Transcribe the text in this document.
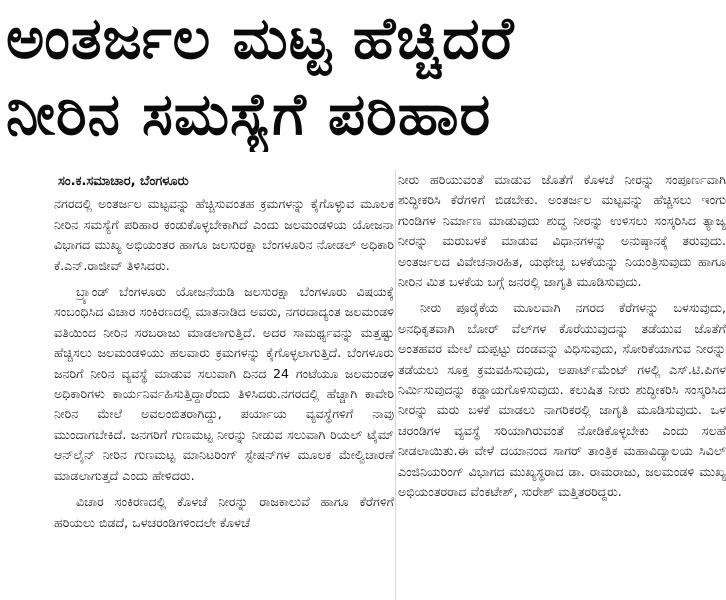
ಅಂತರ್ಜಲ ಮಟ್ಟ ಹೆಚ್ಚಿದರೆ
ನೀರಿನ ಸಮಸ್ಯೆಗೆ ಪರಿಹಾರ
ಸಂ.ಕ.ಸಮಾಚಾರ, ಬೆಂಗಳೂರು

ನಗರದಲ್ಲಿ ಅಂತರ್ಜಲ ಮಟ್ಟವನ್ನು ಹೆಚ್ಚಿಸುವಂತಹ ಕ್ರಮಗಳನ್ನು ಕೈಗೊಳ್ಳುವ ಮೂಲಕ ನೀರಿನ ಸಮಸ್ಯೆಗೆ ಪರಿಹಾರ ಕಂಡುಕೊಳ್ಳಬೇಕಾಗಿದೆ ಎಂದು ಜಲಮಂಡಳಿಯ ಯೋಜನಾ ವಿಭಾಗದ ಮುಖ್ಯ ಅಭಿಯಂತರ ಹಾಗೂ ಜಲಸುರಕ್ಷಾ ಬೆಂಗಳೂರಿನ ನೋಡಲ್ ಅಧಿಕಾರಿ ಕೆ.ಎನ್.ರಾಜೀವ್ ತಿಳಿಸಿದರು.

ಬ್ರ್ಯಾಂಡ್ ಬೆಂಗಳೂರು ಯೋಜನೆಯಡಿ ಜಲಸುರಕ್ಷಾ ಬೆಂಗಳೂರು ವಿಷಯಕ್ಕೆ ಸಂಬಂಧಿಸಿದ ವಿಚಾರ ಸಂಕಿರಣದಲ್ಲಿ ಮಾತನಾಡಿದ ಅವರು, ನಗರದಾದ್ಯಂತ ಜಲಮಂಡಳಿ ವತಿಯಿಂದ ನೀರಿನ ಸರಬರಾಜು ಮಾಡಲಾಗುತ್ತಿದೆ. ಅದರ ಸಾಮರ್ಥ್ಯವನ್ನು ಮತ್ತಷ್ಟು ಹೆಚ್ಚಿಸಲು ಜಲಮಂಡಳಿಯು ಹಲವಾರು ಕ್ರಮಗಳನ್ನು ಕೈಗೊಳ್ಳಲಾಗುತ್ತಿದೆ. ಬೆಂಗಳೂರು ಜನರಿಗೆ ನೀರಿನ ವ್ಯವಸ್ಥೆ ಮಾಡುವ ಸಲುವಾಗಿ ದಿನದ 24 ಗಂಟೆಯೂ ಜಲಮಂಡಳಿ ಅಧಿಕಾರಿಗಳು ಕಾರ್ಯನಿರ್ವಹಿಸುತ್ತಿದ್ದಾರೆಂದು ತಿಳಿಸಿದರು.ನಗರದಲ್ಲಿ ಹೆಚ್ಚಾಗಿ ಕಾವೇರಿ ನೀರಿನ ಮೇಲೆ ಅವಲಂಬಿತರಾಗಿದ್ದು, ಪರ್ಯಾಯ ವ್ಯವಸ್ಥೆಗಳಿಗೆ ನಾವು ಮುಂದಾಗಬೇಕಿದೆ. ಜನಗರಿಗೆ ಗುಣಮಟ್ಟ ನೀರನ್ನು ನೀಡುವ ಸಲುವಾಗಿ ರಿಯಲ್ ಟೈಮ್ ಆನ್‌ಲೈನ್ ನೀರಿನ ಗುಣಮಟ್ಟ ಮಾನಿಟರಿಂಗ್ ಸ್ಟೇಷನ್‌ಗಳ ಮೂಲಕ ಮೇಲ್ವಿಚಾರಣೆ ಮಾಡಲಾಗುತ್ತದೆ ಎಂದು ಹೇಳಿದರು.

ವಿಚಾರ ಸಂಕಿರಣದಲ್ಲಿ ಕೊಳಚೆ ನೀರನ್ನು ರಾಜಕಾಲುವೆ ಹಾಗೂ ಕೆರೆಗಳಿಗೆ ಹರಿಯಲು ಬಿಡದೆ, ಒಳಚರಂಡಿಗಳಿಂದಲೇ ಕೊಳಚೆ

ನೀರು ಹರಿಯುವಂತೆ ಮಾಡುವ ಜೊತೆಗೆ ಕೊಳಚೆ ನೀರನ್ನು ಸಂಪೂರ್ಣವಾಗಿ ಶುದ್ಧೀಕರಿಸಿ ಕೆರೆಗಳಿಗೆ ಬಿಡಬೇಕು. ಅಂತರ್ಜಲ ಮಟ್ಟವನ್ನು ಹೆಚ್ಚಿಸಲು ಇಂಗು ಗುಂಡಿಗಳ ನಿರ್ಮಾಣ ಮಾಡುವುದು ಶುದ್ಧ ನೀರನ್ನು ಉಳಿಸಲು ಸಂಸ್ಕರಿಸಿದ ತ್ಯಾಜ್ಯ ನೀರನ್ನು ಮರುಬಳಕೆ ಮಾಡುವ ವಿಧಾನಗಳನ್ನು ಅನುಷ್ಠಾನಕ್ಕೆ ತರುವುದು. ಅಂತರ್ಜಲದ ವಿವೇಚನಾರಹಿತ, ಯಥೇಚ್ಛ ಬಳಕೆಯನ್ನು ನಿಯಂತ್ರಿಸುವುದು ಹಾಗೂ ನೀರಿನ ಮಿತ ಬಳಕೆಯ ಬಗ್ಗೆ ಜನರಲ್ಲಿ ಜಾಗೃತಿ ಮೂಡಿಸುವುದು.

ನೀರು ಪೂರೈಕೆಯ ಮೂಲವಾಗಿ ನಗರದ ಕೆರೆಗಳನ್ನು ಬಳಸುವುದು, ಅನಧಿಕೃತವಾಗಿ ಬೋರ್ ವೆಲ್‌ಗಳ ಕೊರೆಯುವುದನ್ನು ತಡೆಯುವ ಜೊತೆಗೆ ಅಂತಹವರ ಮೇಲೆ ದುಪ್ಪಟ್ಟು ದಂಡವನ್ನು ವಿಧಿಸುವುದು, ಸೋರಿಕೆಯಾಗುವ ನೀರನ್ನು ತಡೆಯಲು ಸೂಕ್ತ ಕ್ರಮವಹಿಸುವುದು, ಅಪಾರ್ಟ್‌ಮೆಂಟ್ ಗಳಲ್ಲಿ ಎಸ್.ಟಿ.ಪಿಗಳ ನಿರ್ಮಿಸುವುದನ್ನು ಕಡ್ಡಾಯಗೊಳಿಸುವುದು. ಕಲುಷಿತ ನೀರು ಶುದ್ಧೀಕರಿಸಿ ಸಂಸ್ಕರಿಸಿದ ನೀರನ್ನು ಮರು ಬಳಕೆ ಮಾಡಲು ನಾಗರಿಕರಲ್ಲಿ ಜಾಗೃತಿ ಮೂಡಿಸುವುದು. ಒಳ ಚರಂಡಿಗಳ ವ್ಯವಸ್ಥೆ ಸರಿಯಾಗಿರುವಂತೆ ನೋಡಿಕೊಳ್ಳಬೇಕು ಎಂದು ಸಲಹೆ ನೀಡಲಾಯಿತು.ಈ ವೇಳೆ ದಯಾನಂದ ಸಾಗರ್ ತಾಂತ್ರಿಕ ಮಹಾವಿದ್ಯಾಲಯ ಸಿವಿಲ್ ಎಂಜಿನಿಯರಿಂಗ್ ವಿಭಾಗದ ಮುಖ್ಯಸ್ಥರಾದ ಡಾ. ರಾಮರಾಜು, ಜಲಮಂಡಳಿ ಮುಖ್ಯ ಅಭಿಯಂತರರಾದ ವೆಂಕಟೇಶ್, ಸುರೇಶ್ ಮತ್ತಿತರರಿದ್ದರು.
